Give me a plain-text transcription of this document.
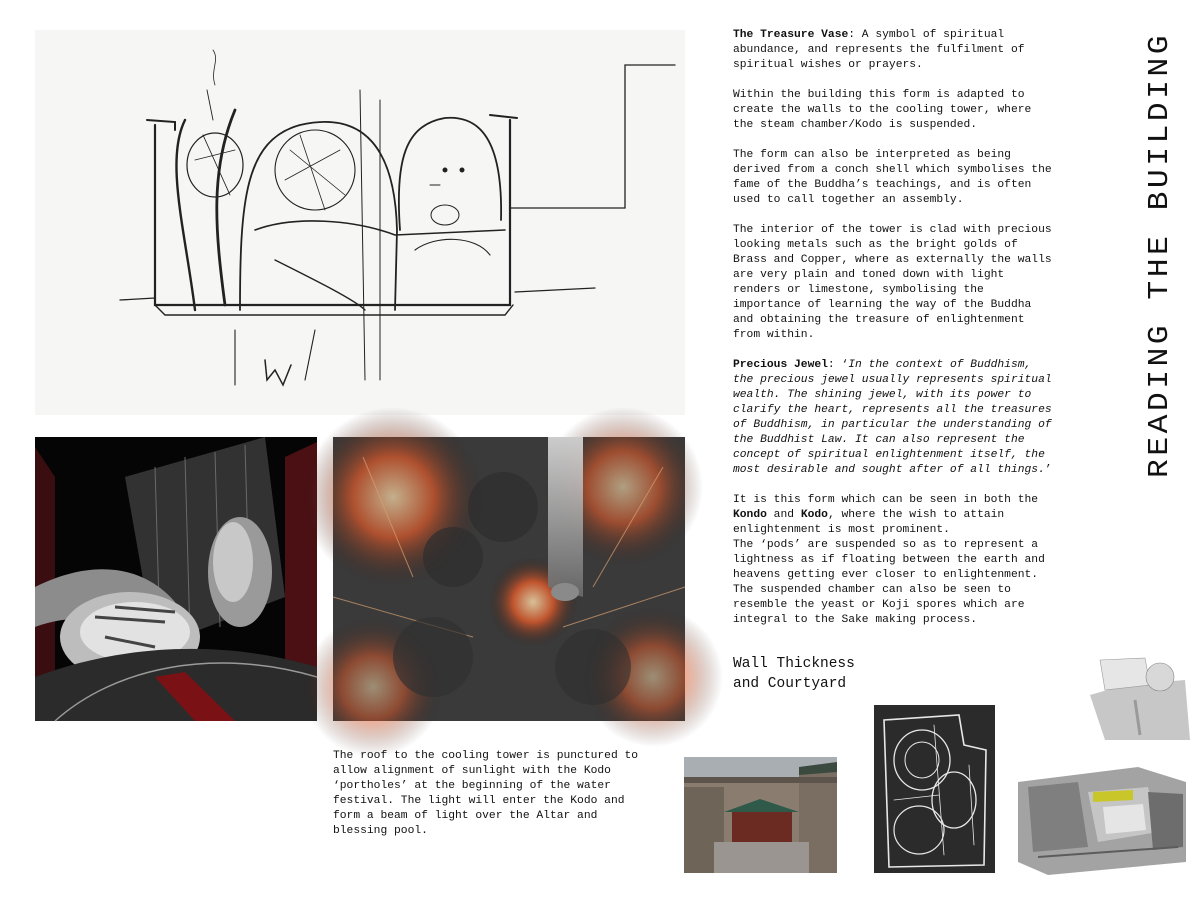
The Treasure Vase: A symbol of spiritual
abundance, and represents the fulfilment of
spiritual wishes or prayers.

Within the building this form is adapted to
create the walls to the cooling tower, where
the steam chamber/Kodo is suspended.

The form can also be interpreted as being
derived from a conch shell which symbolises the
fame of the Buddha’s teachings, and is often
used to call together an assembly.

The interior of the tower is clad with precious
looking metals such as the bright golds of
Brass and Copper, where as externally the walls
are very plain and toned down with light
renders or limestone, symbolising the
importance of learning the way of the Buddha
and obtaining the treasure of enlightenment
from within.

Precious Jewel: ‘In the context of Buddhism,
the precious jewel usually represents spiritual
wealth. The shining jewel, with its power to
clarify the heart, represents all the treasures
of Buddhism, in particular the understanding of
the Buddhist Law. It can also represent the
concept of spiritual enlightenment itself, the
most desirable and sought after of all things.’

It is this form which can be seen in both the
Kondo and Kodo, where the wish to attain
enlightenment is most prominent.
The ‘pods’ are suspended so as to represent a
lightness as if floating between the earth and
heavens getting ever closer to enlightenment.
The suspended chamber can also be seen to
resemble the yeast or Koji spores which are
integral to the Sake making process.

READING THE BUILDING
Wall Thickness
and Courtyard

The roof to the cooling tower is punctured to
allow alignment of sunlight with the Kodo
‘portholes’ at the beginning of the water
festival. The light will enter the Kodo and
form a beam of light over the Altar and
blessing pool.
